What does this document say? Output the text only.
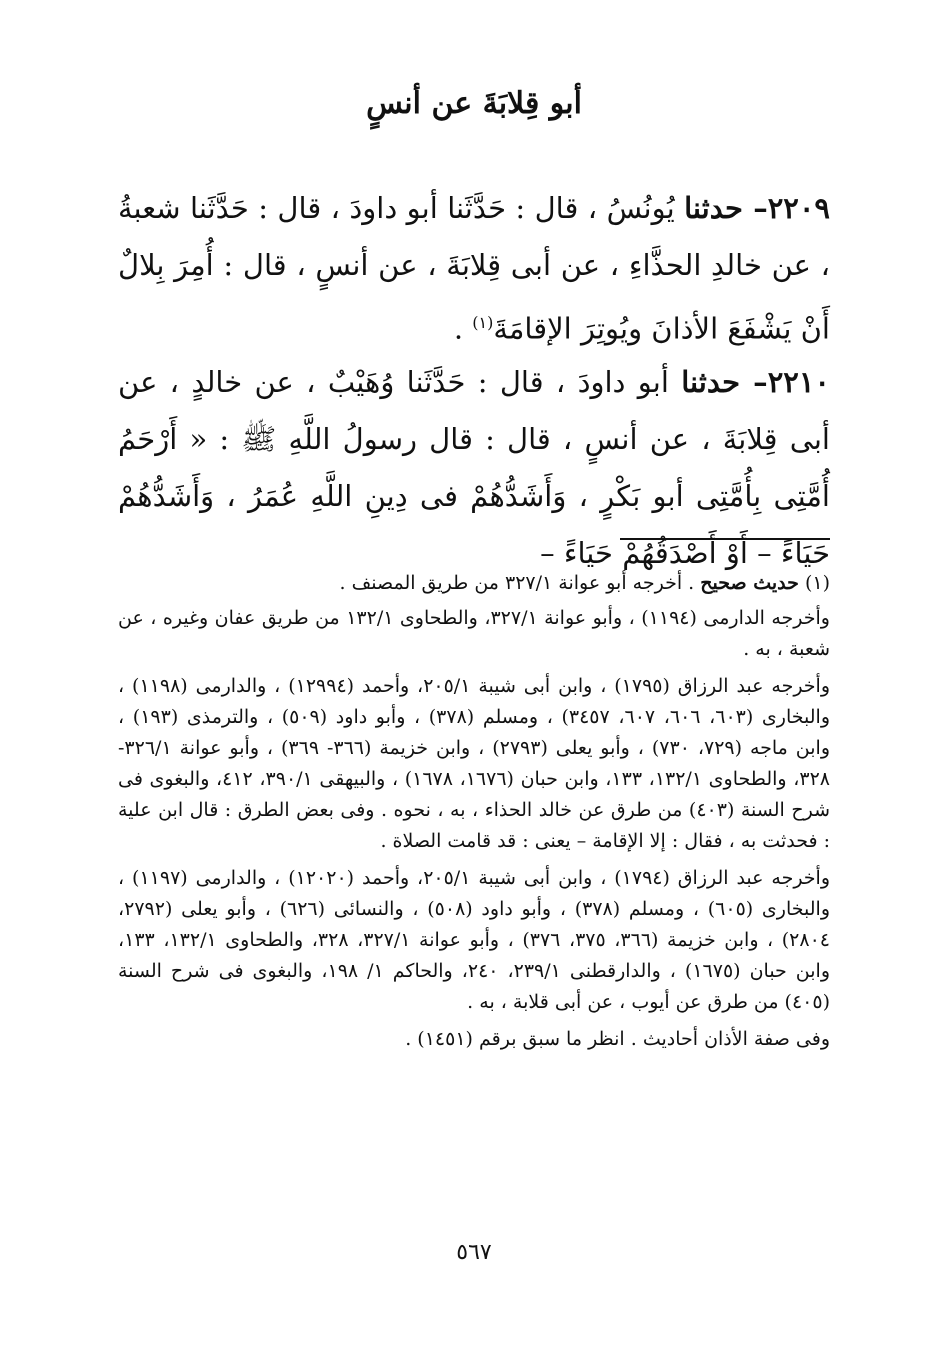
أبو قِلابَةَ عن أنسٍ
٢٢٠٩– حدثنا يُونُسُ ، قال : حَدَّثَنا أبو داودَ ، قال : حَدَّثَنا شعبةُ ، عن خالدِ الحذَّاءِ ، عن أبى قِلابَةَ ، عن أنسٍ ، قال : أُمِرَ بِلالٌ أَنْ يَشْفَعَ الأذانَ ويُوتِرَ الإقامَةَ$^{(١)}$ .
٢٢١٠– حدثنا أبو داودَ ، قال : حَدَّثَنا وُهَيْبٌ ، عن خالدٍ ، عن أبى قِلابَةَ ، عن أنسٍ ، قال : قال رسولُ اللَّهِ ﷺ : « أَرْحَمُ أُمَّتِى بِأُمَّتِى أبو بَكْرٍ ، وَأَشَدُّهُمْ فى دِينِ اللَّهِ عُمَرُ ، وَأَشَدُّهُمْ حَيَاءً – أَوْ أَصْدَقُهُمْ حَيَاءً –

(١) حديث صحيح . أخرجه أبو عوانة ٣٢٧/١ من طريق المصنف .

وأخرجه الدارمى (١١٩٤) ، وأبو عوانة ٣٢٧/١، والطحاوى ١٣٢/١ من طريق عفان وغيره ، عن شعبة ، به .

وأخرجه عبد الرزاق (١٧٩٥) ، وابن أبى شيبة ٢٠٥/١، وأحمد (١٢٩٩٤) ، والدارمى (١١٩٨) ، والبخارى (٦٠٣، ٦٠٦، ٦٠٧، ٣٤٥٧) ، ومسلم (٣٧٨) ، وأبو داود (٥٠٩) ، والترمذى (١٩٣) ، وابن ماجه (٧٢٩، ٧٣٠) ، وأبو يعلى (٢٧٩٣) ، وابن خزيمة (٣٦٦- ٣٦٩) ، وأبو عوانة ٣٢٦/١- ٣٢٨، والطحاوى ١٣٢/١، ١٣٣، وابن حبان (١٦٧٦، ١٦٧٨) ، والبيهقى ٣٩٠/١، ٤١٢، والبغوى فى شرح السنة (٤٠٣) من طرق عن خالد الحذاء ، به ، نحوه . وفى بعض الطرق : قال ابن علية : فحدثت به ، فقال : إلا الإقامة – يعنى : قد قامت الصلاة .

وأخرجه عبد الرزاق (١٧٩٤) ، وابن أبى شيبة ٢٠٥/١، وأحمد (١٢٠٢٠) ، والدارمى (١١٩٧) ، والبخارى (٦٠٥) ، ومسلم (٣٧٨) ، وأبو داود (٥٠٨) ، والنسائى (٦٢٦) ، وأبو يعلى (٢٧٩٢، ٢٨٠٤) ، وابن خزيمة (٣٦٦، ٣٧٥، ٣٧٦) ، وأبو عوانة ٣٢٧/١، ٣٢٨، والطحاوى ١٣٢/١، ١٣٣، وابن حبان (١٦٧٥) ، والدارقطنى ٢٣٩/١، ٢٤٠، والحاكم ١/ ١٩٨، والبغوى فى شرح السنة (٤٠٥) من طرق عن أيوب ، عن أبى قلابة ، به .

وفى صفة الأذان أحاديث . انظر ما سبق برقم (١٤٥١) .

٥٦٧
